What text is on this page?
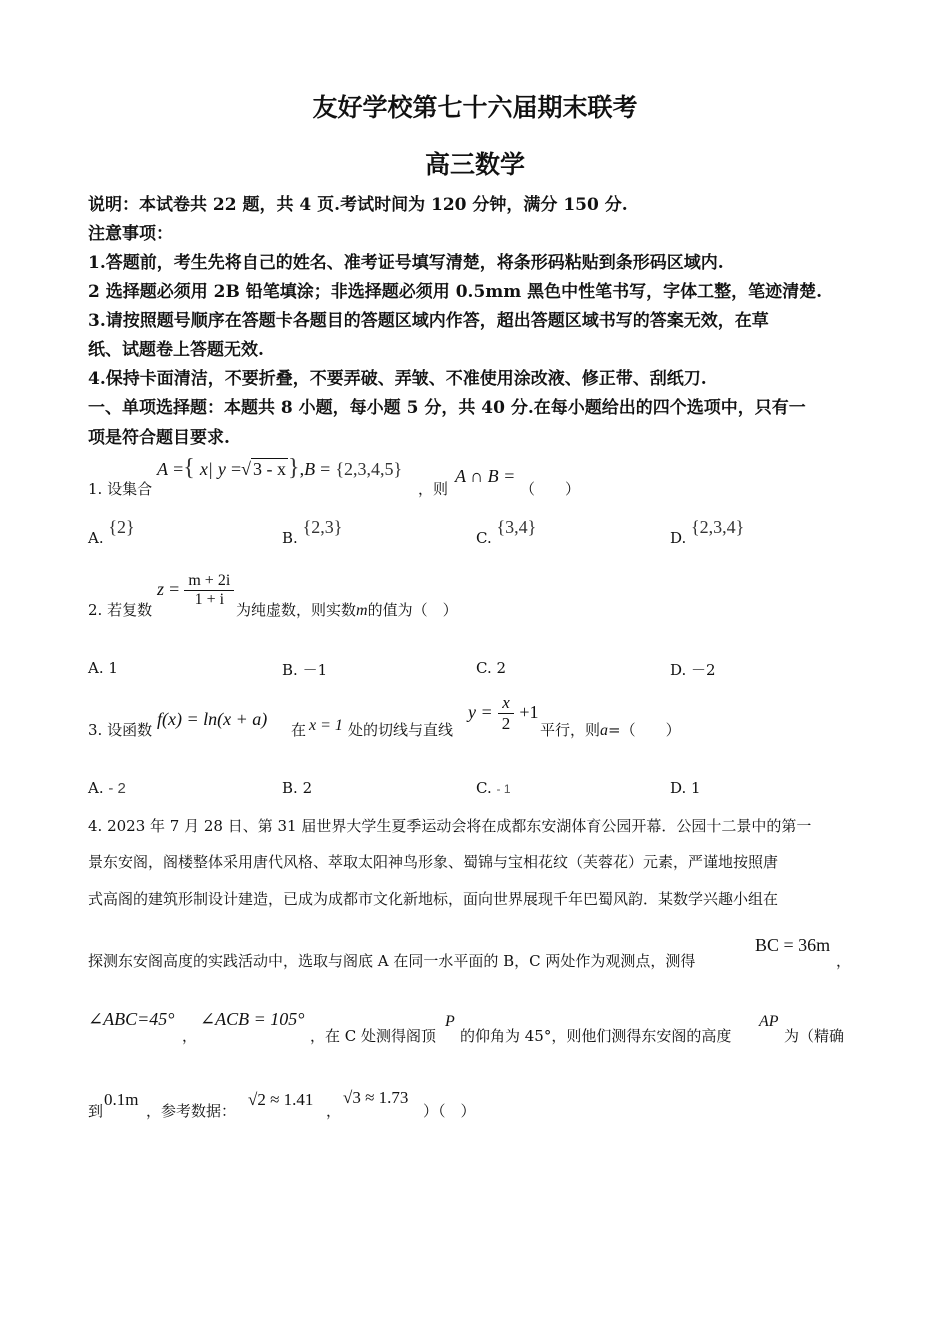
友好学校第七十六届期末联考
高三数学
说明：本试卷共 22 题，共 4 页.考试时间为 120 分钟，满分 150 分.
注意事项：
1.答题前，考生先将自己的姓名、准考证号填写清楚，将条形码粘贴到条形码区域内.
2 选择题必须用 2B 铅笔填涂；非选择题必须用 0.5mm 黑色中性笔书写，字体工整，笔迹清楚.
3.请按照题号顺序在答题卡各题目的答题区域内作答，超出答题区域书写的答案无效，在草
纸、试题卷上答题无效.
4.保持卡面清洁，不要折叠，不要弄破、弄皱、不准使用涂改液、修正带、刮纸刀.
一、单项选择题：本题共 8 小题，每小题 5 分，共 40 分.在每小题给出的四个选项中，只有一
项是符合题目要求.
1. 设集合
A ={ x| y =√ 3 - x},B = {2,3,4,5}
，则
A ∩ B =
（　　）
A. {2}
B. {2,3}
C. {3,4}
D. {2,3,4}
2. 若复数
$z = \frac{m + 2i}{1 + i}$
为纯虚数，则实数m的值为（　）
A. 1	B. －1	C. 2	D. －2
3. 设函数
f(x) = ln(x + a)
在 x = 1 处的切线与直线
$y = \frac{x}{2} +1$
平行，则a=（　　）
A. - 2	B. 2	C. - 1	D. 1
4. 2023 年 7 月 28 日、第 31 届世界大学生夏季运动会将在成都东安湖体育公园开幕．公园十二景中的第一
景东安阁，阁楼整体采用唐代风格、萃取太阳神鸟形象、蜀锦与宝相花纹（芙蓉花）元素，严谨地按照唐
式高阁的建筑形制设计建造，已成为成都市文化新地标，面向世界展现千年巴蜀风韵．某数学兴趣小组在
探测东安阁高度的实践活动中，选取与阁底 A 在同一水平面的 B，C 两处作为观测点，测得
BC = 36m
，
∠ABC=45°
，
∠ACB = 105°
，在 C 处测得阁顶
P
的仰角为 45°，则他们测得东安阁的高度
AP
为（精确
到
0.1m
，参考数据：
√2 ≈ 1.41
，
√3 ≈ 1.73
）（　）
